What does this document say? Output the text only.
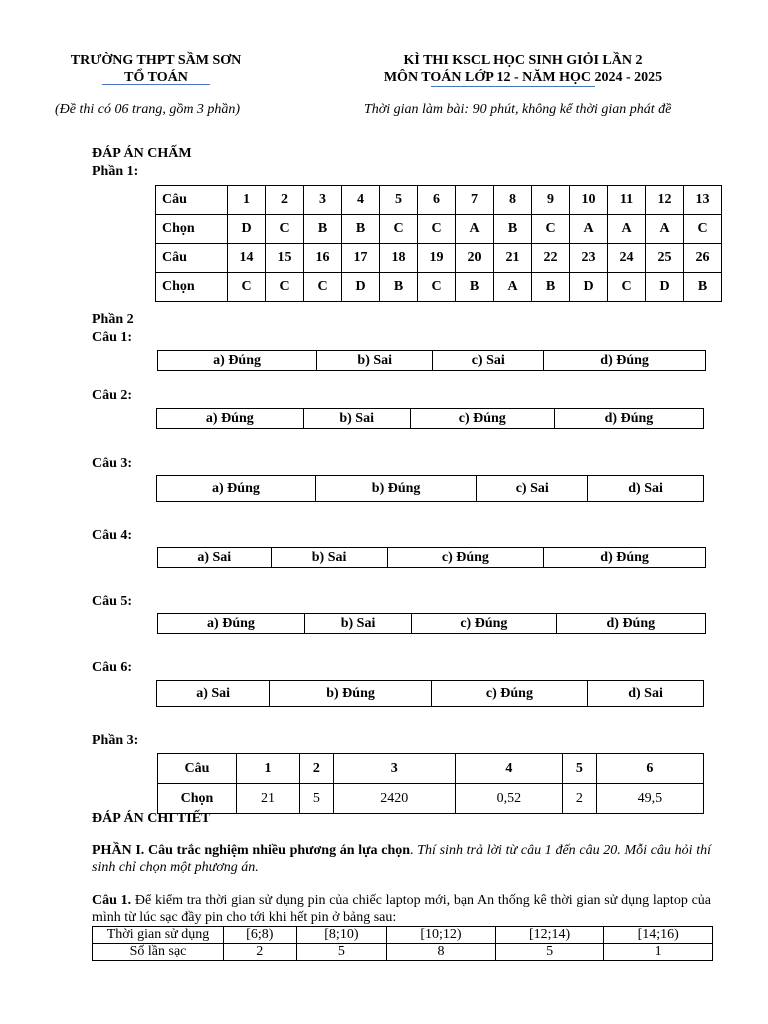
TRƯỜNG THPT SẦM SƠN
TỔ TOÁN
KÌ THI KSCL HỌC SINH GIỎI LẦN 2
MÔN TOÁN LỚP 12 - NĂM HỌC 2024 - 2025
(Đề thi có 06 trang, gồm 3 phần)	Thời gian làm bài: 90 phút, không kể thời gian phát đề
ĐÁP ÁN CHẤM
Phần 1:
Câu	1	2	3	4	5	6	7	8	9	10	11	12	13
Chọn	D	C	B	B	C	C	A	B	C	A	A	A	C
Câu	14	15	16	17	18	19	20	21	22	23	24	25	26
Chọn	C	C	C	D	B	C	B	A	B	D	C	D	B
Phần 2
Câu 1:
a) Đúng	b) Sai	c) Sai	d) Đúng
Câu 2:
a) Đúng	b) Sai	c) Đúng	d) Đúng
Câu 3:
a) Đúng	b) Đúng	c) Sai	d) Sai
Câu 4:
a) Sai	b) Sai	c) Đúng	d) Đúng
Câu 5:
a) Đúng	b) Sai	c) Đúng	d) Đúng
Câu 6:
a) Sai	b) Đúng	c) Đúng	d) Sai
Phần 3:
Câu	1	2	3	4	5	6
Chọn	21	5	2420	0,52	2	49,5
ĐÁP ÁN CHI TIẾT
PHẦN I. Câu trắc nghiệm nhiều phương án lựa chọn. Thí sinh trả lời từ câu 1 đến câu 20. Mỗi câu hỏi thí sinh chỉ chọn một phương án.
Câu 1. Để kiểm tra thời gian sử dụng pin của chiếc laptop mới, bạn An thống kê thời gian sử dụng laptop của mình từ lúc sạc đầy pin cho tới khi hết pin ở bảng sau:
Thời gian sử dụng	[6;8)	[8;10)	[10;12)	[12;14)	[14;16)
Số lần sạc	2	5	8	5	1
